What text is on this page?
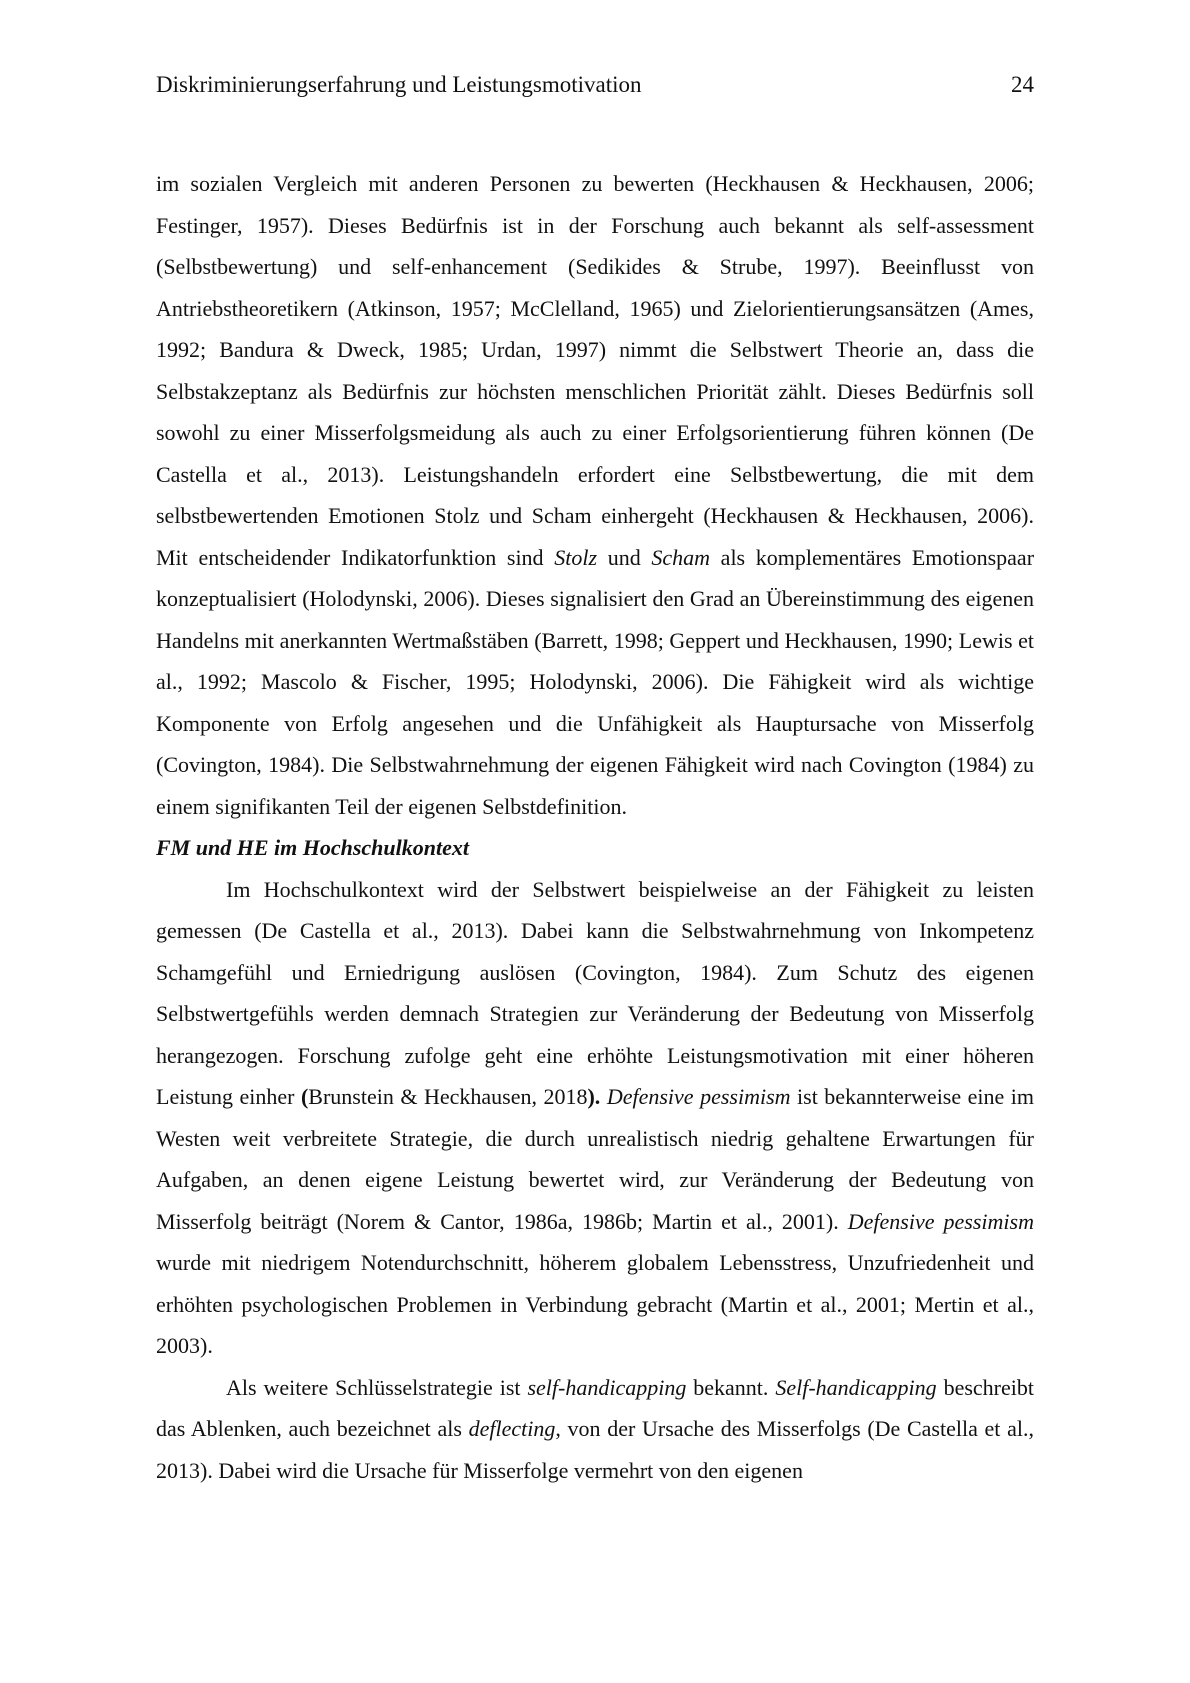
Diskriminierungserfahrung und Leistungsmotivation	24

im sozialen Vergleich mit anderen Personen zu bewerten (Heckhausen & Heckhausen, 2006; Festinger, 1957). Dieses Bedürfnis ist in der Forschung auch bekannt als self-assessment (Selbstbewertung) und self-enhancement (Sedikides & Strube, 1997). Beeinflusst von Antriebstheoretikern (Atkinson, 1957; McClelland, 1965) und Zielorientierungsansätzen (Ames, 1992; Bandura & Dweck, 1985; Urdan, 1997) nimmt die Selbstwert Theorie an, dass die Selbstakzeptanz als Bedürfnis zur höchsten menschlichen Priorität zählt. Dieses Bedürfnis soll sowohl zu einer Misserfolgsmeidung als auch zu einer Erfolgsorientierung führen können (De Castella et al., 2013). Leistungshandeln erfordert eine Selbstbewertung, die mit dem selbstbewertenden Emotionen Stolz und Scham einhergeht (Heckhausen & Heckhausen, 2006). Mit entscheidender Indikatorfunktion sind Stolz und Scham als komplementäres Emotionspaar konzeptualisiert (Holodynski, 2006). Dieses signalisiert den Grad an Übereinstimmung des eigenen Handelns mit anerkannten Wertmaßstäben (Barrett, 1998; Geppert und Heckhausen, 1990; Lewis et al., 1992; Mascolo & Fischer, 1995; Holodynski, 2006). Die Fähigkeit wird als wichtige Komponente von Erfolg angesehen und die Unfähigkeit als Hauptursache von Misserfolg (Covington, 1984). Die Selbstwahrnehmung der eigenen Fähigkeit wird nach Covington (1984) zu einem signifikanten Teil der eigenen Selbstdefinition.

FM und HE im Hochschulkontext

Im Hochschulkontext wird der Selbstwert beispielweise an der Fähigkeit zu leisten gemessen (De Castella et al., 2013). Dabei kann die Selbstwahrnehmung von Inkompetenz Schamgefühl und Erniedrigung auslösen (Covington, 1984). Zum Schutz des eigenen Selbstwertgefühls werden demnach Strategien zur Veränderung der Bedeutung von Misserfolg herangezogen. Forschung zufolge geht eine erhöhte Leistungsmotivation mit einer höheren Leistung einher (Brunstein & Heckhausen, 2018). Defensive pessimism ist bekannterweise eine im Westen weit verbreitete Strategie, die durch unrealistisch niedrig gehaltene Erwartungen für Aufgaben, an denen eigene Leistung bewertet wird, zur Veränderung der Bedeutung von Misserfolg beiträgt (Norem & Cantor, 1986a, 1986b; Martin et al., 2001). Defensive pessimism wurde mit niedrigem Notendurchschnitt, höherem globalem Lebensstress, Unzufriedenheit und erhöhten psychologischen Problemen in Verbindung gebracht (Martin et al., 2001; Mertin et al., 2003).

Als weitere Schlüsselstrategie ist self-handicapping bekannt. Self-handicapping beschreibt das Ablenken, auch bezeichnet als deflecting, von der Ursache des Misserfolgs (De Castella et al., 2013). Dabei wird die Ursache für Misserfolge vermehrt von den eigenen
